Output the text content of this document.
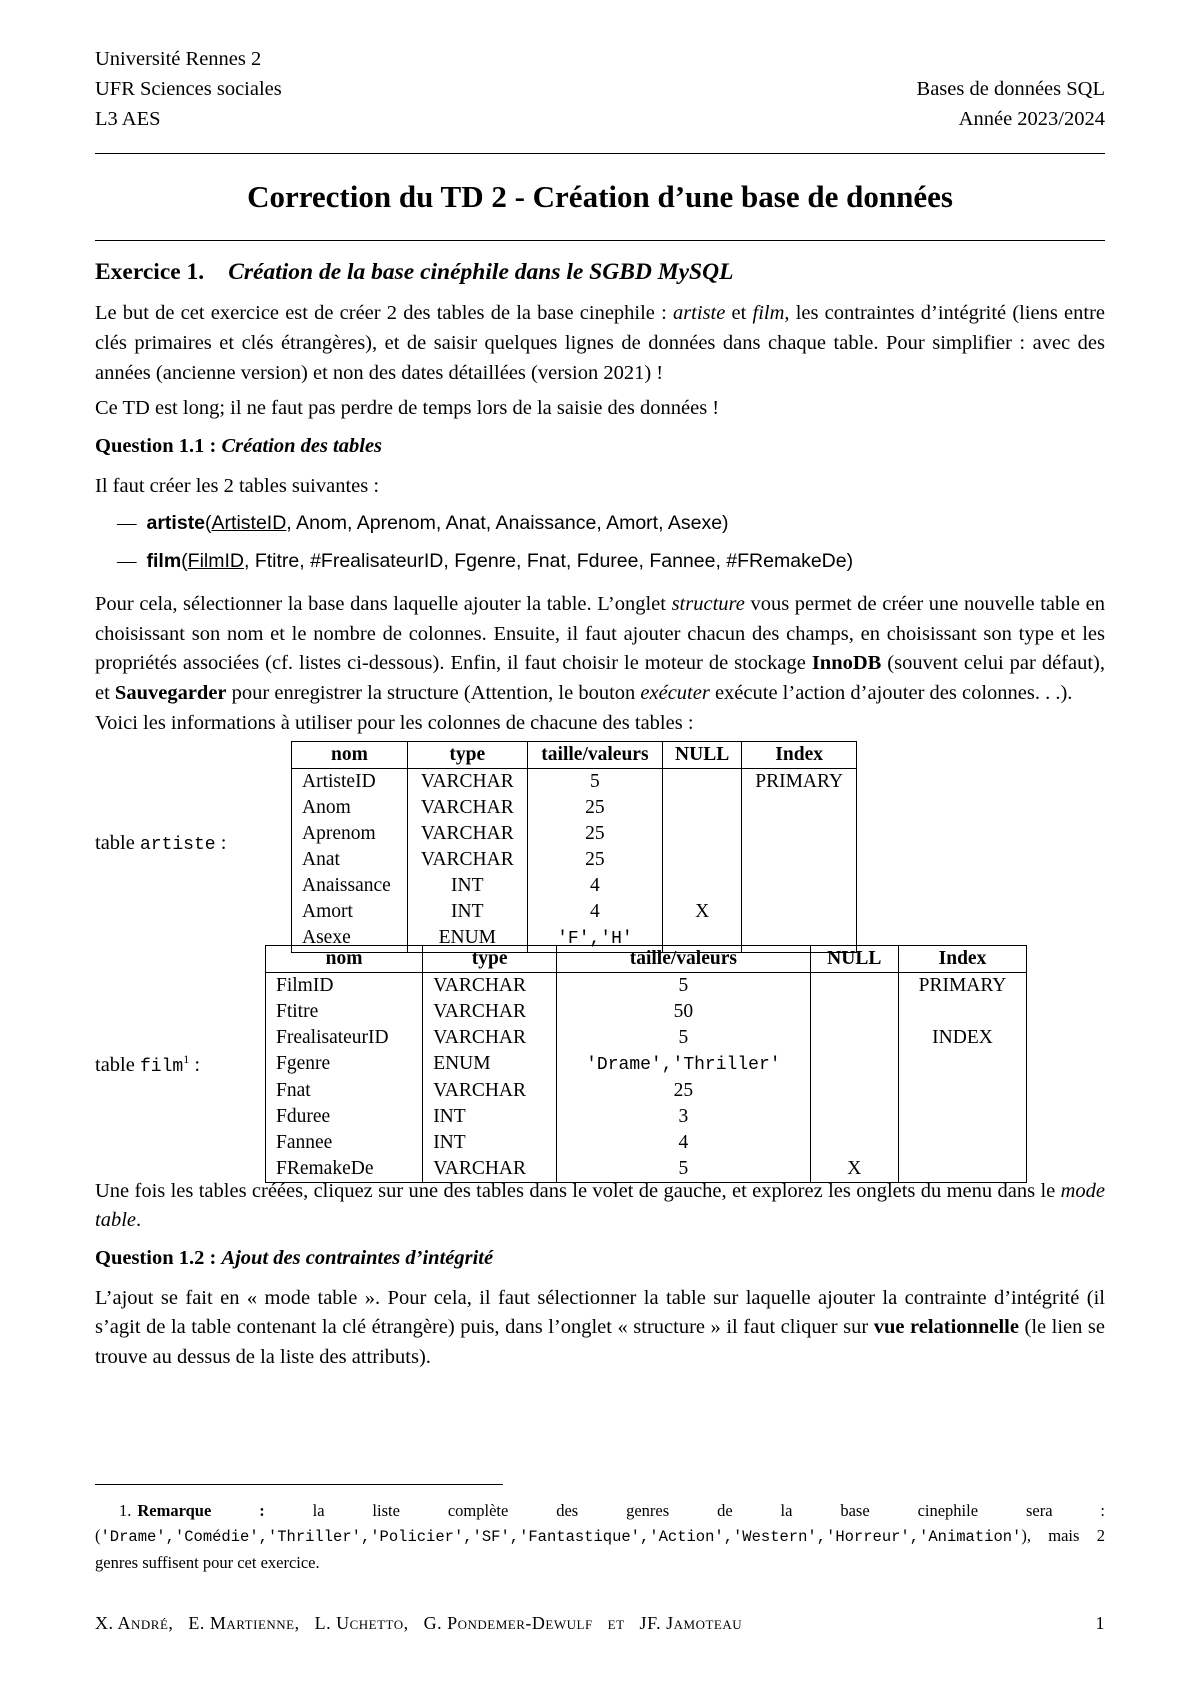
Université Rennes 2
UFR Sciences sociales
L3 AES
Bases de données SQL
Année 2023/2024
Correction du TD 2 - Création d’une base de données
Exercice 1. Création de la base cinéphile dans le SGBD MySQL

Le but de cet exercice est de créer 2 des tables de la base cinephile : artiste et film, les contraintes d’intégrité (liens entre clés primaires et clés étrangères), et de saisir quelques lignes de données dans chaque table. Pour simplifier : avec des années (ancienne version) et non des dates détaillées (version 2021) !

Ce TD est long; il ne faut pas perdre de temps lors de la saisie des données !

Question 1.1 : Création des tables

Il faut créer les 2 tables suivantes :

— artiste(ArtisteID, Anom, Aprenom, Anat, Anaissance, Amort, Asexe)
— film(FilmID, Ftitre, #FrealisateurID, Fgenre, Fnat, Fduree, Fannee, #FRemakeDe)

Pour cela, sélectionner la base dans laquelle ajouter la table. L’onglet structure vous permet de créer une nouvelle table en choisissant son nom et le nombre de colonnes. Ensuite, il faut ajouter chacun des champs, en choisissant son type et les propriétés associées (cf. listes ci-dessous). Enfin, il faut choisir le moteur de stockage InnoDB (souvent celui par défaut), et Sauvegarder pour enregistrer la structure (Attention, le bouton exécuter exécute l’action d’ajouter des colonnes. . .).

Voici les informations à utiliser pour les colonnes de chacune des tables :

table artiste :
nom	type	taille/valeurs	NULL	Index
ArtisteID	VARCHAR	5		PRIMARY
Anom	VARCHAR	25		
Aprenom	VARCHAR	25		
Anat	VARCHAR	25		
Anaissance	INT	4		
Amort	INT	4	X	
Asexe	ENUM	'F','H'		
table film$^1$ :
nom	type	taille/valeurs	NULL	Index
FilmID	VARCHAR	5		PRIMARY
Ftitre	VARCHAR	50		
FrealisateurID	VARCHAR	5		INDEX
Fgenre	ENUM	'Drame','Thriller'		
Fnat	VARCHAR	25		
Fduree	INT	3		
Fannee	INT	4		
FRemakeDe	VARCHAR	5	X	

Une fois les tables créées, cliquez sur une des tables dans le volet de gauche, et explorez les onglets du menu dans le mode table.

Question 1.2 : Ajout des contraintes d’intégrité

L’ajout se fait en « mode table ». Pour cela, il faut sélectionner la table sur laquelle ajouter la contrainte d’intégrité (il s’agit de la table contenant la clé étrangère) puis, dans l’onglet « structure » il faut cliquer sur vue relationnelle (le lien se trouve au dessus de la liste des attributs).

1. Remarque : la liste complète des genres de la base cinephile sera : ('Drame','Comédie','Thriller','Policier','SF','Fantastique','Action','Western','Horreur','Animation'), mais 2 genres suffisent pour cet exercice.
X. André,   E. Martienne,   L. Uchetto,   G. Pondemer-Dewulf   et   JF. Jamoteau	1
